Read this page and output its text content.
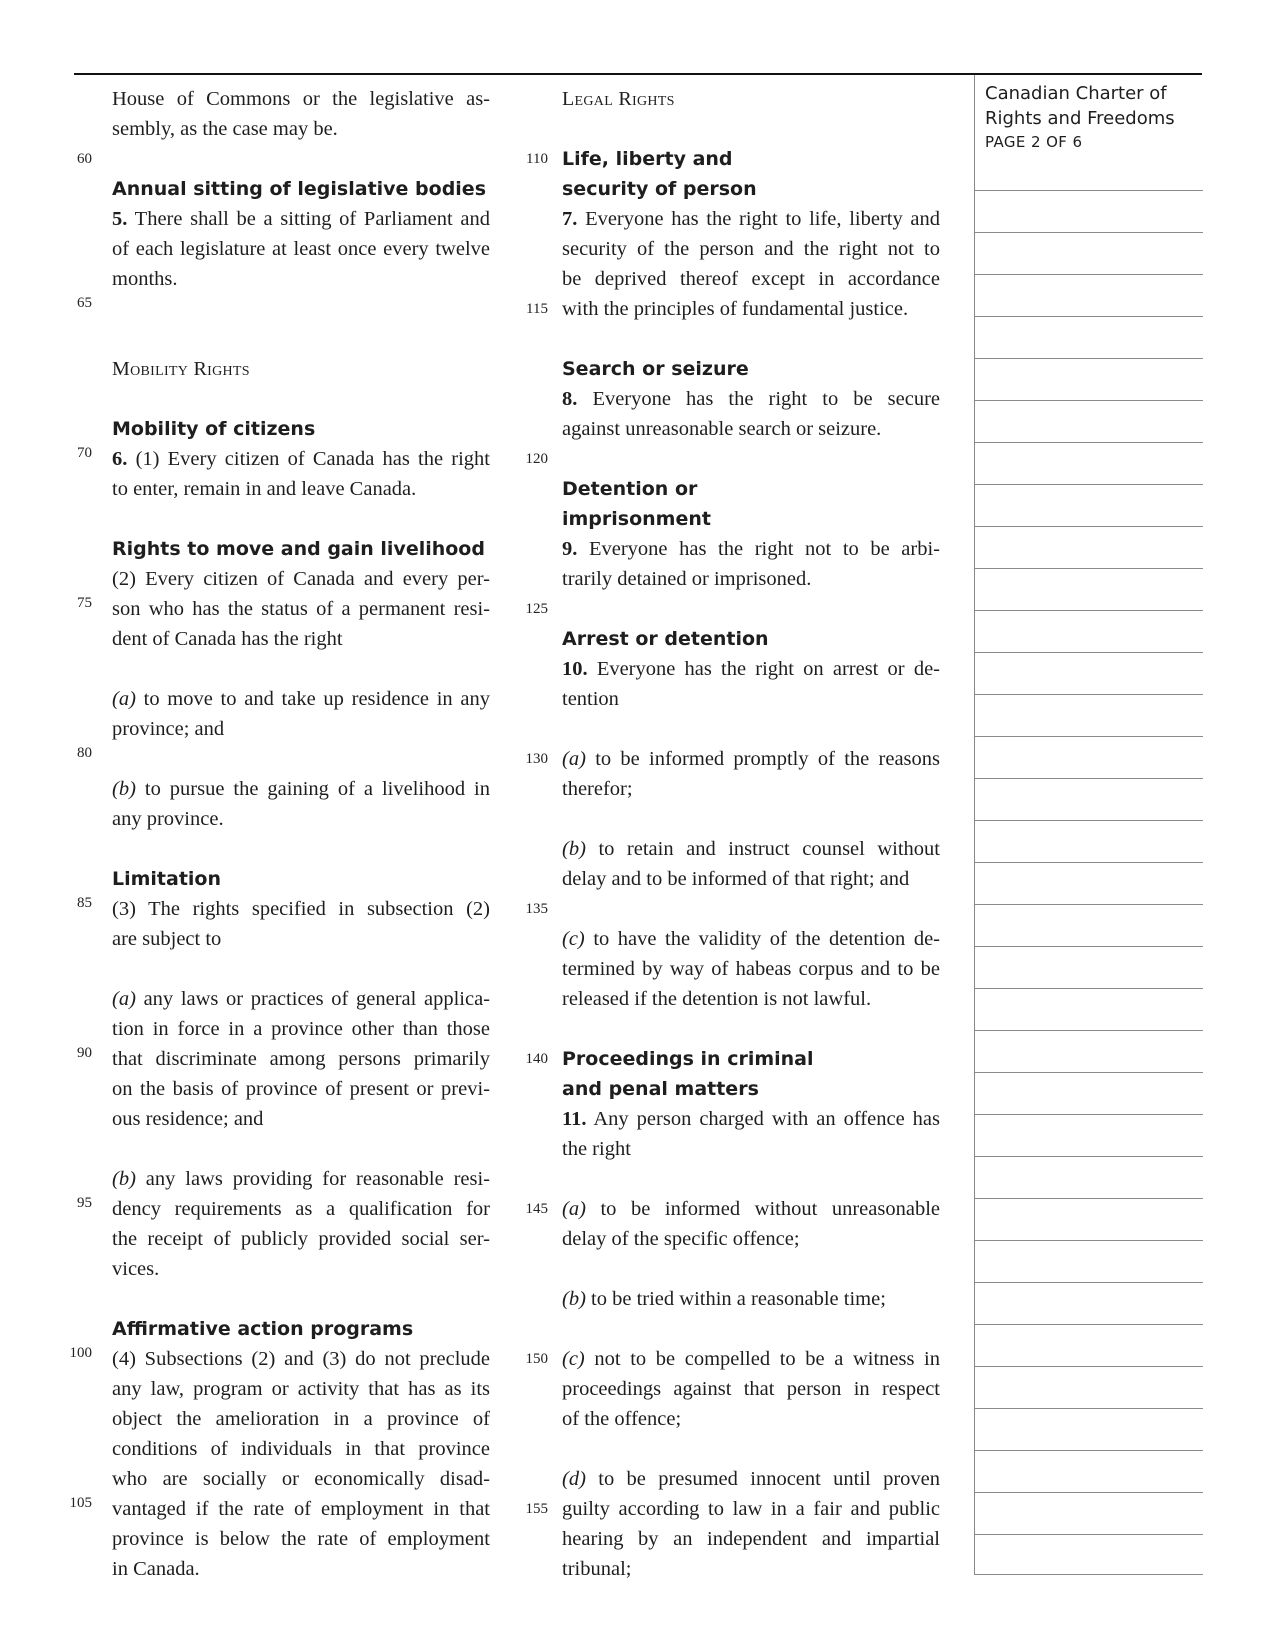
60
65
70
75
80
85
90
95
100
105
110
115
120
125
130
135
140
145
150
155
House of Commons or the legislative as-
sembly, as the case may be.
Annual sitting of legislative bodies
5. There shall be a sitting of Parliament and
of each legislature at least once every twelve
months.
Mobility Rights
Mobility of citizens
6. (1) Every citizen of Canada has the right
to enter, remain in and leave Canada.
Rights to move and gain livelihood
(2) Every citizen of Canada and every per-
son who has the status of a permanent resi-
dent of Canada has the right
(a) to move to and take up residence in any
province; and
(b) to pursue the gaining of a livelihood in
any province.
Limitation
(3) The rights specified in subsection (2)
are subject to
(a) any laws or practices of general applica-
tion in force in a province other than those
that discriminate among persons primarily
on the basis of province of present or previ-
ous residence; and
(b) any laws providing for reasonable resi-
dency requirements as a qualification for
the receipt of publicly provided social ser-
vices.
Affirmative action programs
(4) Subsections (2) and (3) do not preclude
any law, program or activity that has as its
object the amelioration in a province of
conditions of individuals in that province
who are socially or economically disad-
vantaged if the rate of employment in that
province is below the rate of employment
in Canada.
Legal Rights
Life, liberty and
security of person
7. Everyone has the right to life, liberty and
security of the person and the right not to
be deprived thereof except in accordance
with the principles of fundamental justice.
Search or seizure
8. Everyone has the right to be secure
against unreasonable search or seizure.
Detention or
imprisonment
9. Everyone has the right not to be arbi-
trarily detained or imprisoned.
Arrest or detention
10. Everyone has the right on arrest or de-
tention
(a) to be informed promptly of the reasons
therefor;
(b) to retain and instruct counsel without
delay and to be informed of that right; and
(c) to have the validity of the detention de-
termined by way of habeas corpus and to be
released if the detention is not lawful.
Proceedings in criminal
and penal matters
11. Any person charged with an offence has
the right
(a) to be informed without unreasonable
delay of the specific offence;
(b) to be tried within a reasonable time;
(c) not to be compelled to be a witness in
proceedings against that person in respect
of the offence;
(d) to be presumed innocent until proven
guilty according to law in a fair and public
hearing by an independent and impartial
tribunal;
Canadian Charter of Rights and Freedoms
PAGE 2 OF 6
